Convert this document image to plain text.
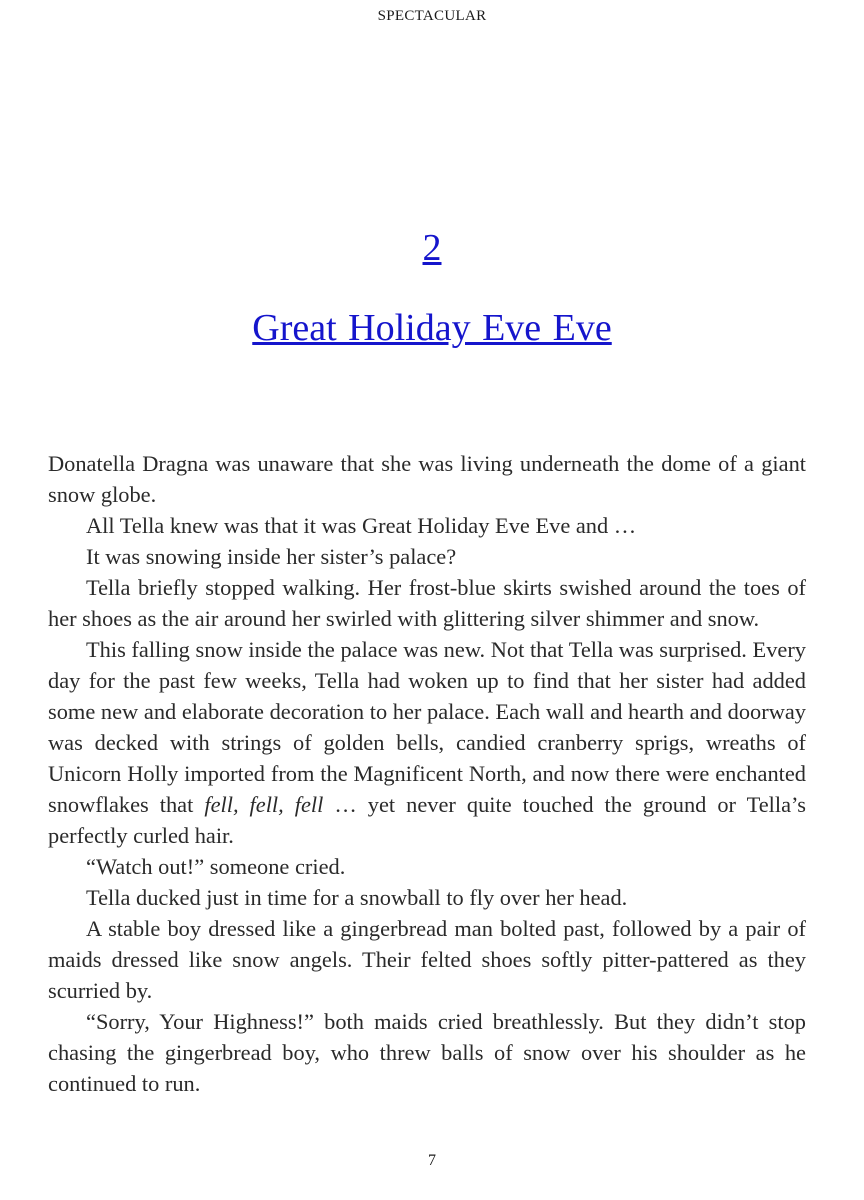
SPECTACULAR
2
Great Holiday Eve Eve

Donatella Dragna was unaware that she was living underneath the dome of a giant snow globe.

All Tella knew was that it was Great Holiday Eve Eve and …

It was snowing inside her sister’s palace?

Tella briefly stopped walking. Her frost-blue skirts swished around the toes of her shoes as the air around her swirled with glittering silver shimmer and snow.

This falling snow inside the palace was new. Not that Tella was surprised. Every day for the past few weeks, Tella had woken up to find that her sister had added some new and elaborate decoration to her palace. Each wall and hearth and doorway was decked with strings of golden bells, candied cranberry sprigs, wreaths of Unicorn Holly imported from the Magnificent North, and now there were enchanted snowflakes that fell, fell, fell … yet never quite touched the ground or Tella’s perfectly curled hair.

“Watch out!” someone cried.

Tella ducked just in time for a snowball to fly over her head.

A stable boy dressed like a gingerbread man bolted past, followed by a pair of maids dressed like snow angels. Their felted shoes softly pitter-pattered as they scurried by.

“Sorry, Your Highness!” both maids cried breathlessly. But they didn’t stop chasing the gingerbread boy, who threw balls of snow over his shoulder as he continued to run.

7
